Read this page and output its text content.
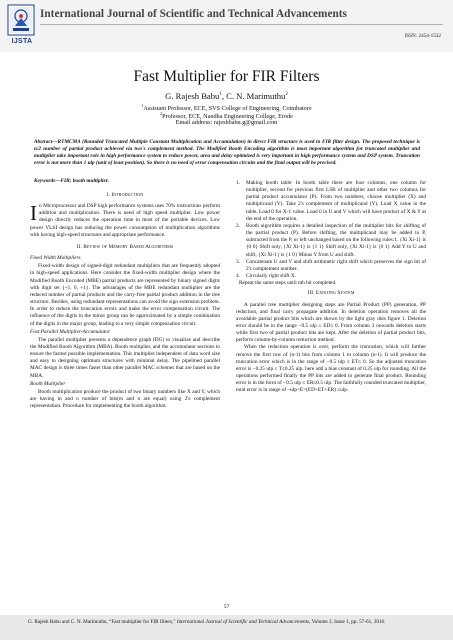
IJSTA
International Journal of Scientific and Technical Advancements
ISSN: 2454-1532
Fast Multiplier for FIR Filters
G. Rajesh Babu$^1$, C. N. Marimuthu$^2$
$^1$Assistant Professor, ECE, SVS College of Engineering, Coimbatore
$^2$Professor, ECE, Nandha Engineering College, Erode
Email address: rajeshbabu.g@gmail.com
Abstract—RTMCMA (Rounded Truncated Multiple Constant Multiplication and Accumulation) in direct FIR structure is used in FIR filter design. The proposed technique is n/2 number of partial product achieved via two's complement method. The Modified Booth Encoding algorithm is most important algorithm for truncated multiplier and multiplier take important role in high performance system to reduce power, area and delay optimized is very important in high performance system and DSP system. Truncation error is not more than 1 ulp (unit of least position). So there is no need of error compensation circuits and the final output will be precised.
Keywords—FIR; booth multiplier.
I. Introduction
In Microprocessor and DSP high performance systems uses 70% instructions perform addition and multiplication. There is need of high speed multiplier. Low power design directly reduces the operation time in most of the portable devices. Low power VLSI design has reducing the power consumption of multiplication algorithms with having high-speed structures and appropriate performance.
II. Review of Memory Based Algorithms
Fixed Width Multipliers
Fixed-width design of signed-digit redundant multipliers that are frequently adopted in high-speed applications. Here consider the fixed-width multiplier design where the Modified Booth Encoded (MBE) partial products are represented by binary signed digits with digit set {+1, 0, +1}. The advantages of the MBE redundant multiplier are the reduced number of partial products and the carry-free partial product addition in the tree structure. Besides, using redundant representations can avoid the sign extension problem. In order to reduce the truncation errors and make the error compensation circuit. The influence of the digits in the minor group can be approximated by a simple combination of the digits in the major group, leading to a very simple compensation circuit.
Fast Parallel Multiplier-Accumulator
The parallel multiplier presents a dependence graph (DG) to visualize and describe the Modified Booth Algorithm (MBA). Booth multiplier, and the accumulator sections to ensure the fastest possible implementation. This multiplier independent of data word size and easy to designing optimum structures with minimal delay. The pipelined parallel MAC design is three times faster than other parallel MAC schemes that are based on the MBA.
Booth Multiplier
Booth multiplication produce the product of two binary numbers like X and Y, which are having m and n number of bits(m and n are equal) using 2's complement representation. Procedure for implementing the booth algorithm.
1. Making booth table: In booth table there are four columns, one column for multiplier, second for previous first LSB of multiplier and other two columns for partial product accumulator (P). From two numbers, choose multiplier (X) and multiplicand (Y). Take 2's complement of multiplicand (Y). Load X value in the table. Load 0 for X-1 value. Load 0 in U and V which will have product of X & Y at the end of the operation.
2. Booth algorithm requires a detailed inspection of the multiplier bits for shifting of the partial product (P). Before shifting, the multiplicand may be added to P, subtracted from the P, or left unchanged based on the following rules:1. {Xi Xi-1} is {0 0} Shift only, {Xi Xi-1} is {1 1} Shift only, {Xi Xi-1} is {0 1} Add Y to U and shift, {Xi Xi-1} is {1 0} Minus Y from U and shift.
3. Concatenate U and V and shift arithmetic right shift which preserves the sign bit of 2's complement number.
4. Circularly right shift X.
Repeat the same steps until nth bit completed.
III. Existing System
A parallel tree multiplier designing steps are Partial Product (PP) generation, PP reduction, and final carry propagate addition. In deletion operation removes all the avoidable partial product bits which are shown by the light gray dots figure 1. Deletion error should be in the range −0.5 ulp ≤ ED≤ 0. From column 3 onwards deletion starts while first two of partial product bits are kept. After the deletion of partial product bits, perform column-by-column reduction method.
When the reduction operation is over, perform the truncation, which will further remove the first row of (n-1) bits from column 1 to column (n-1). It will produce the truncation error which is in the range of −0.5 ulp ≤ ET≤ 0. So the adjusted truncation error is −0.25 ulp ≤ T≤0.25 ulp. here add a bias constant of 0.25 ulp for rounding. All the operations performed finally the PP bits are added to generate final product. Rounding error is in the form of - 0.5 ulp ≤ ER≤0.5 ulp. The faithfully rounded truncated multiplier, total error is in range of –ulp<E=(ED+ET+ER) ≤ulp.
57
G. Rajesh Babu and C. N. Marimuthu, “Fast multiplier for FIR filters,” International Journal of Scientific and Technical Advancements, Volume 2, Issue 1, pp. 57-61, 2016.
